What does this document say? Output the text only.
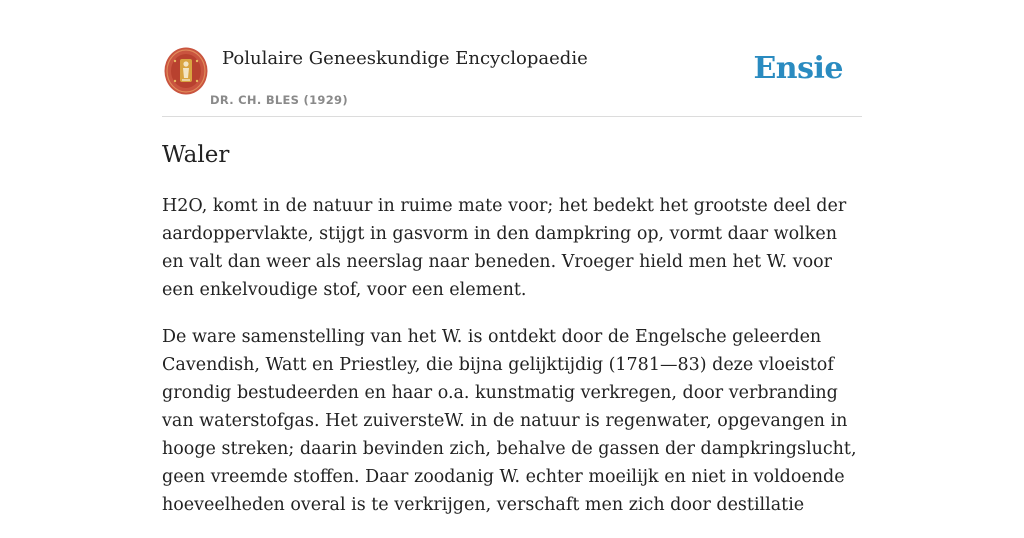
Polulaire Geneeskundige Encyclopaedie
DR. CH. BLES (1929)
Ensie
Waler

H2O, komt in de natuur in ruime mate voor; het bedekt het grootste deel der aardoppervlakte, stijgt in gasvorm in den dampkring op, vormt daar wolken en valt dan weer als neerslag naar beneden. Vroeger hield men het W. voor een enkelvoudige stof, voor een element.

De ware samenstelling van het W. is ontdekt door de Engelsche geleerden Cavendish, Watt en Priestley, die bijna gelijktijdig (1781—83) deze vloeistof grondig bestudeerden en haar o.a. kunstmatig verkregen, door verbranding van waterstofgas. Het zuiversteW. in de natuur is regenwater, opgevangen in hooge streken; daarin bevinden zich, behalve de gassen der dampkringslucht, geen vreemde stoffen. Daar zoodanig W. echter moeilijk en niet in voldoende hoeveelheden overal is te verkrijgen, verschaft men zich door destillatie
